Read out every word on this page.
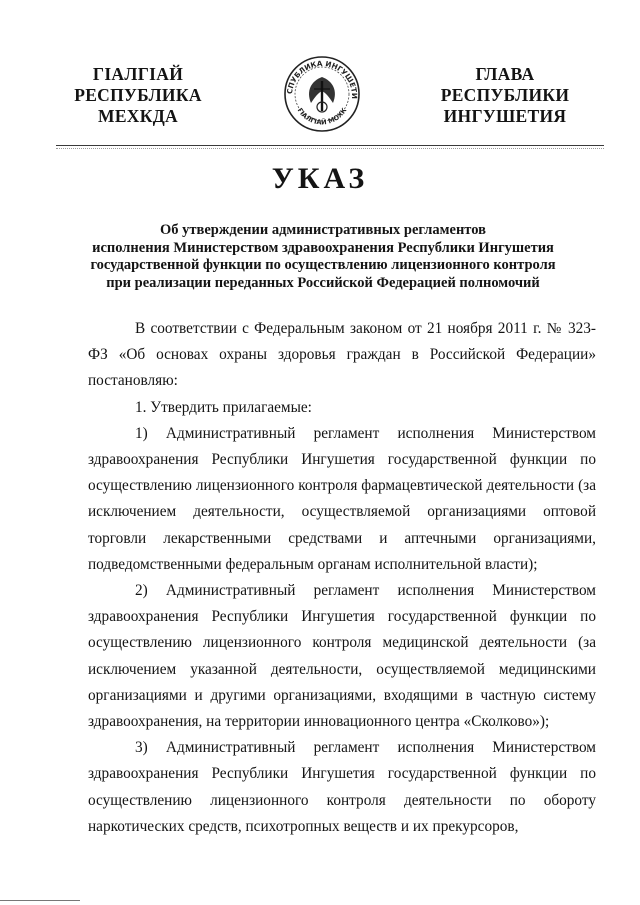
ГIАЛГIАЙ
РЕСПУБЛИКА
МЕХКДА
СПУБЛИКА ИНГУШЕТИ
ГIАЛГIАЙ МОХК
ГЛАВА
РЕСПУБЛИКИ
ИНГУШЕТИЯ
УКАЗ
Об утверждении административных регламентов
исполнения Министерством здравоохранения Республики Ингушетия
государственной функции по осуществлению лицензионного контроля
при реализации переданных Российской Федерацией полномочий

В соответствии с Федеральным законом от 21 ноября 2011 г. № 323-ФЗ «Об основах охраны здоровья граждан в Российской Федерации» постановляю:

1. Утвердить прилагаемые:

1) Административный регламент исполнения Министерством здравоохранения Республики Ингушетия государственной функции по осуществлению лицензионного контроля фармацевтической деятельности (за исключением деятельности, осуществляемой организациями оптовой торговли лекарственными средствами и аптечными организациями, подведомственными федеральным органам исполнительной власти);

2) Административный регламент исполнения Министерством здравоохранения Республики Ингушетия государственной функции по осуществлению лицензионного контроля медицинской деятельности (за исключением указанной деятельности, осуществляемой медицинскими организациями и другими организациями, входящими в частную систему здравоохранения, на территории инновационного центра «Сколково»);

3) Административный регламент исполнения Министерством здравоохранения Республики Ингушетия государственной функции по осуществлению лицензионного контроля деятельности по обороту наркотических средств, психотропных веществ и их прекурсоров,
